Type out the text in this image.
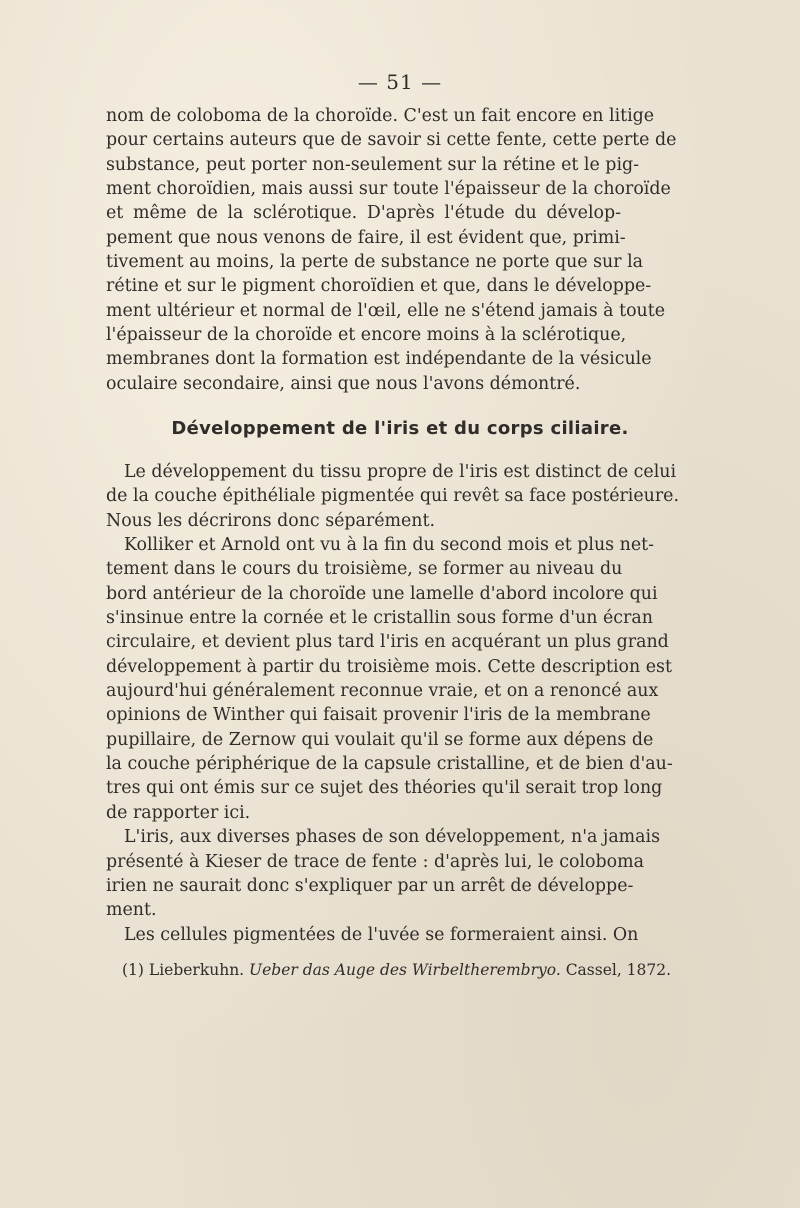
— 51 —
nom de coloboma de la choroïde. C'est un fait encore en litige
pour certains auteurs que de savoir si cette fente, cette perte de
substance, peut porter non-seulement sur la rétine et le pig-
ment choroïdien, mais aussi sur toute l'épaisseur de la choroïde
et même de la sclérotique. D'après l'étude du dévelop-
pement que nous venons de faire, il est évident que, primi-
tivement au moins, la perte de substance ne porte que sur la
rétine et sur le pigment choroïdien et que, dans le développe-
ment ultérieur et normal de l'œil, elle ne s'étend jamais à toute
l'épaisseur de la choroïde et encore moins à la sclérotique,
membranes dont la formation est indépendante de la vésicule
oculaire secondaire, ainsi que nous l'avons démontré.
Développement de l'iris et du corps ciliaire.
Le développement du tissu propre de l'iris est distinct de celui
de la couche épithéliale pigmentée qui revêt sa face postérieure.
Nous les décrirons donc séparément.
Kolliker et Arnold ont vu à la fin du second mois et plus net-
tement dans le cours du troisième, se former au niveau du
bord antérieur de la choroïde une lamelle d'abord incolore qui
s'insinue entre la cornée et le cristallin sous forme d'un écran
circulaire, et devient plus tard l'iris en acquérant un plus grand
développement à partir du troisième mois. Cette description est
aujourd'hui généralement reconnue vraie, et on a renoncé aux
opinions de Winther qui faisait provenir l'iris de la membrane
pupillaire, de Zernow qui voulait qu'il se forme aux dépens de
la couche périphérique de la capsule cristalline, et de bien d'au-
tres qui ont émis sur ce sujet des théories qu'il serait trop long
de rapporter ici.
L'iris, aux diverses phases de son développement, n'a jamais
présenté à Kieser de trace de fente : d'après lui, le coloboma
irien ne saurait donc s'expliquer par un arrêt de développe-
ment.
Les cellules pigmentées de l'uvée se formeraient ainsi. On
(1) Lieberkuhn. Ueber das Auge des Wirbeltherembryo. Cassel, 1872.
